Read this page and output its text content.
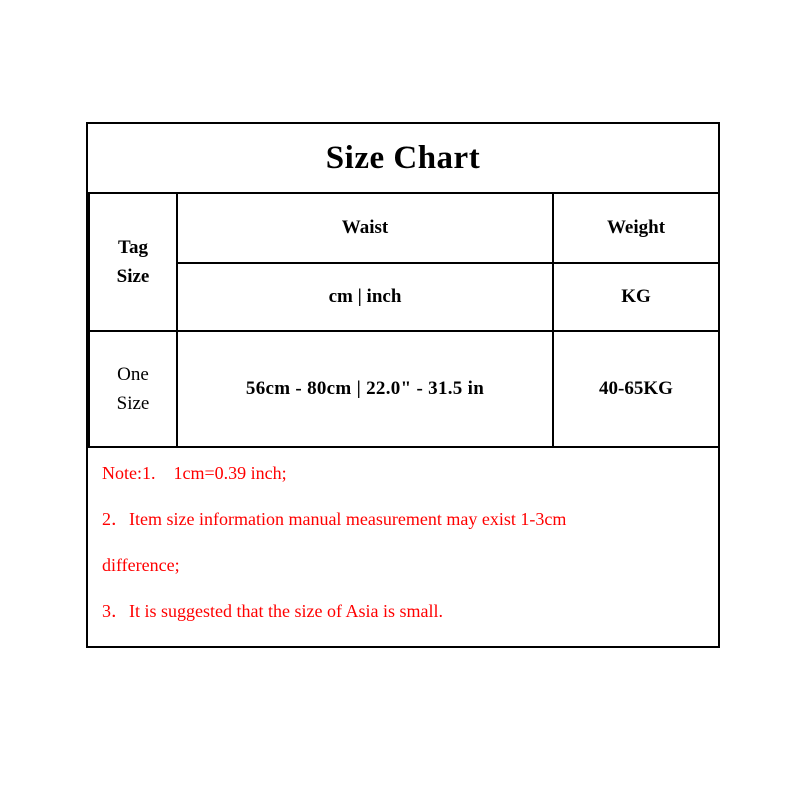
Size Chart
Tag
Size	Waist	Weight
	cm | inch	KG

One
Size	56cm - 80cm | 22.0" - 31.5 in	40-65KG

Note:1.    1cm=0.39 inch;

2．Item size information manual measurement may exist 1-3cm

difference;

3．It is suggested that the size of Asia is small.
